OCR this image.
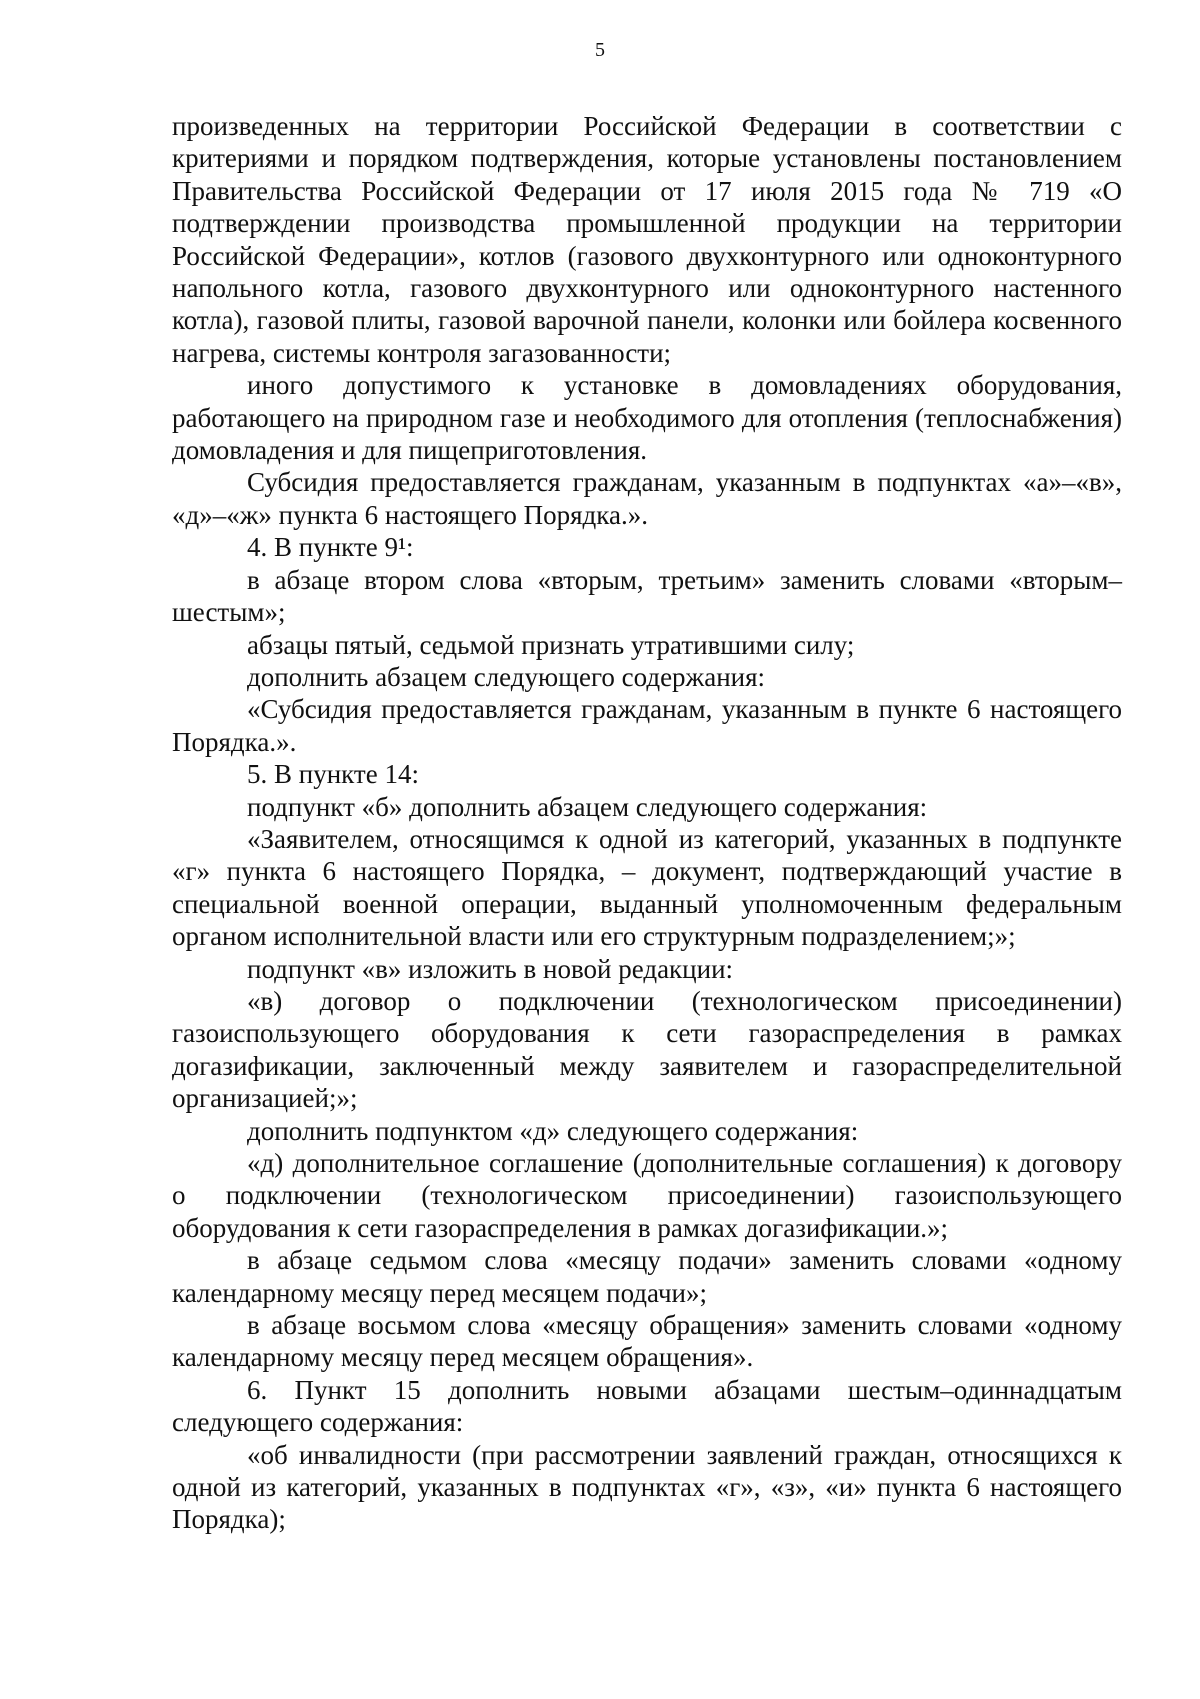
5

произведенных на территории Российской Федерации в соответствии с критериями и порядком подтверждения, которые установлены постановлением Правительства Российской Федерации от 17 июля 2015 года № 719 «О подтверждении производства промышленной продукции на территории Российской Федерации», котлов (газового двухконтурного или одноконтурного напольного котла, газового двухконтурного или одноконтурного настенного котла), газовой плиты, газовой варочной панели, колонки или бойлера косвенного нагрева, системы контроля загазованности;

иного допустимого к установке в домовладениях оборудования, работающего на природном газе и необходимого для отопления (теплоснабжения) домовладения и для пищеприготовления.

Субсидия предоставляется гражданам, указанным в подпунктах «а»–«в», «д»–«ж» пункта 6 настоящего Порядка.».

4. В пункте 9¹:

в абзаце втором слова «вторым, третьим» заменить словами «вторым–шестым»;

абзацы пятый, седьмой признать утратившими силу;

дополнить абзацем следующего содержания:

«Субсидия предоставляется гражданам, указанным в пункте 6 настоящего Порядка.».

5. В пункте 14:

подпункт «б» дополнить абзацем следующего содержания:

«Заявителем, относящимся к одной из категорий, указанных в подпункте «г» пункта 6 настоящего Порядка, – документ, подтверждающий участие в специальной военной операции, выданный уполномоченным федеральным органом исполнительной власти или его структурным подразделением;»;

подпункт «в» изложить в новой редакции:

«в) договор о подключении (технологическом присоединении) газоиспользующего оборудования к сети газораспределения в рамках догазификации, заключенный между заявителем и газораспределительной организацией;»;

дополнить подпунктом «д» следующего содержания:

«д) дополнительное соглашение (дополнительные соглашения) к договору о подключении (технологическом присоединении) газоиспользующего оборудования к сети газораспределения в рамках догазификации.»;

в абзаце седьмом слова «месяцу подачи» заменить словами «одному календарному месяцу перед месяцем подачи»;

в абзаце восьмом слова «месяцу обращения» заменить словами «одному календарному месяцу перед месяцем обращения».

6. Пункт 15 дополнить новыми абзацами шестым–одиннадцатым следующего содержания:

«об инвалидности (при рассмотрении заявлений граждан, относящихся к одной из категорий, указанных в подпунктах «г», «з», «и» пункта 6 настоящего Порядка);
